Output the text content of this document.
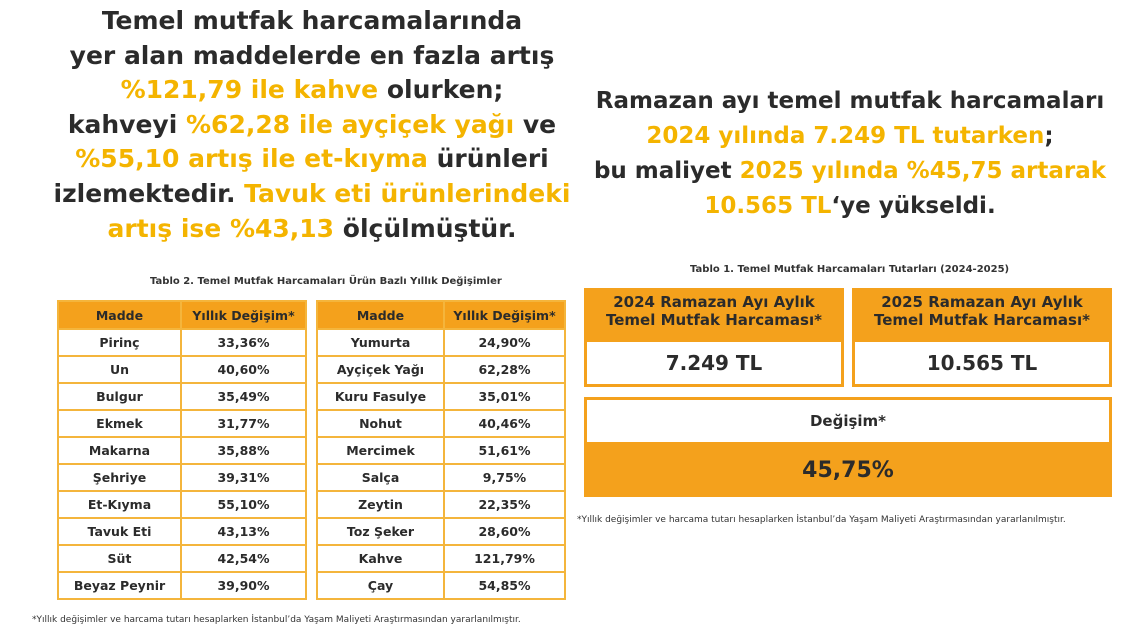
Temel mutfak harcamalarında
yer alan maddelerde en fazla artış
%121,79 ile kahve olurken;
kahveyi %62,28 ile ayçiçek yağı ve
%55,10 artış ile et-kıyma ürünleri
izlemektedir. Tavuk eti ürünlerindeki
artış ise %43,13 ölçülmüştür.
Ramazan ayı temel mutfak harcamaları
2024 yılında 7.249 TL tutarken;
bu maliyet 2025 yılında %45,75 artarak
10.565 TL‘ye yükseldi.
Tablo 2. Temel Mutfak Harcamaları Ürün Bazlı Yıllık Değişimler
Madde	Yıllık Değişim*
Pirinç	33,36%
Un	40,60%
Bulgur	35,49%
Ekmek	31,77%
Makarna	35,88%
Şehriye	39,31%
Et-Kıyma	55,10%
Tavuk Eti	43,13%
Süt	42,54%
Beyaz Peynir	39,90%
Madde	Yıllık Değişim*
Yumurta	24,90%
Ayçiçek Yağı	62,28%
Kuru Fasulye	35,01%
Nohut	40,46%
Mercimek	51,61%
Salça	9,75%
Zeytin	22,35%
Toz Şeker	28,60%
Kahve	121,79%
Çay	54,85%
*Yıllık değişimler ve harcama tutarı hesaplarken İstanbul’da Yaşam Maliyeti Araştırmasından yararlanılmıştır.
Tablo 1. Temel Mutfak Harcamaları Tutarları (2024-2025)
2024 Ramazan Ayı Aylık
Temel Mutfak Harcaması*
7.249 TL
2025 Ramazan Ayı Aylık
Temel Mutfak Harcaması*
10.565 TL
Değişim*
45,75%
*Yıllık değişimler ve harcama tutarı hesaplarken İstanbul’da Yaşam Maliyeti Araştırmasından yararlanılmıştır.
